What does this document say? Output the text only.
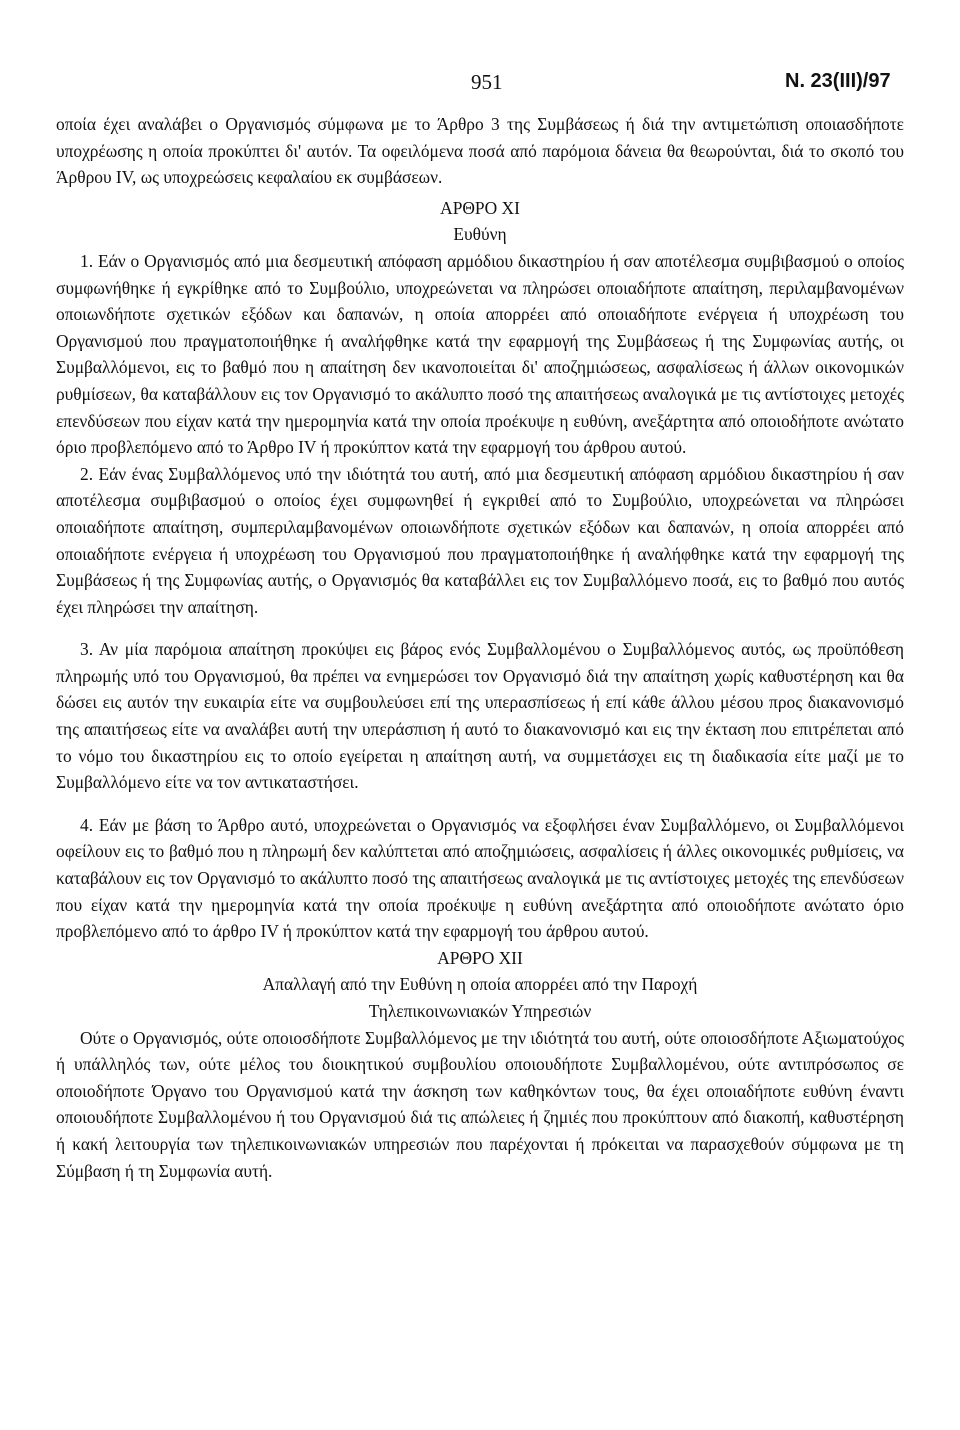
951	N. 23(III)/97

οποία έχει αναλάβει ο Οργανισμός σύμφωνα με το Άρθρο 3 της Συμβάσεως ή διά την αντιμετώπιση οποιασδήποτε υποχρέωσης η οποία προκύπτει δι' αυτόν. Τα οφειλόμενα ποσά από παρόμοια δάνεια θα θεωρούνται, διά το σκοπό του Άρθρου IV, ως υποχρεώσεις κεφαλαίου εκ συμβάσεων.

ΑΡΘΡΟ XI

Ευθύνη

1. Εάν ο Οργανισμός από μια δεσμευτική απόφαση αρμόδιου δικαστηρίου ή σαν αποτέλεσμα συμβιβασμού ο οποίος συμφωνήθηκε ή εγκρίθηκε από το Συμβούλιο, υποχρεώνεται να πληρώσει οποιαδήποτε απαίτηση, περιλαμβανομένων οποιωνδήποτε σχετικών εξόδων και δαπανών, η οποία απορρέει από οποιαδήποτε ενέργεια ή υποχρέωση του Οργανισμού που πραγματοποιήθηκε ή αναλήφθηκε κατά την εφαρμογή της Συμβάσεως ή της Συμφωνίας αυτής, οι Συμβαλλόμενοι, εις το βαθμό που η απαίτηση δεν ικανοποιείται δι' αποζημιώσεως, ασφαλίσεως ή άλλων οικονομικών ρυθμίσεων, θα καταβάλλουν εις τον Οργανισμό το ακάλυπτο ποσό της απαιτήσεως αναλογικά με τις αντίστοιχες μετοχές επενδύσεων που είχαν κατά την ημερομηνία κατά την οποία προέκυψε η ευθύνη, ανεξάρτητα από οποιοδήποτε ανώτατο όριο προβλεπόμενο από το Άρθρο IV ή προκύπτον κατά την εφαρμογή του άρθρου αυτού.

2. Εάν ένας Συμβαλλόμενος υπό την ιδιότητά του αυτή, από μια δεσμευτική απόφαση αρμόδιου δικαστηρίου ή σαν αποτέλεσμα συμβιβασμού ο οποίος έχει συμφωνηθεί ή εγκριθεί από το Συμβούλιο, υποχρεώνεται να πληρώσει οποιαδήποτε απαίτηση, συμπεριλαμβανομένων οποιωνδήποτε σχετικών εξόδων και δαπανών, η οποία απορρέει από οποιαδήποτε ενέργεια ή υποχρέωση του Οργανισμού που πραγματοποιήθηκε ή αναλήφθηκε κατά την εφαρμογή της Συμβάσεως ή της Συμφωνίας αυτής, ο Οργανισμός θα καταβάλλει εις τον Συμβαλλόμενο ποσά, εις το βαθμό που αυτός έχει πληρώσει την απαίτηση.

3. Αν μία παρόμοια απαίτηση προκύψει εις βάρος ενός Συμβαλλομένου ο Συμβαλλόμενος αυτός, ως προϋπόθεση πληρωμής υπό του Οργανισμού, θα πρέπει να ενημερώσει τον Οργανισμό διά την απαίτηση χωρίς καθυστέρηση και θα δώσει εις αυτόν την ευκαιρία είτε να συμβουλεύσει επί της υπερασπίσεως ή επί κάθε άλλου μέσου προς διακανονισμό της απαιτήσεως είτε να αναλάβει αυτή την υπεράσπιση ή αυτό το διακανονισμό και εις την έκταση που επιτρέπεται από το νόμο του δικαστηρίου εις το οποίο εγείρεται η απαίτηση αυτή, να συμμετάσχει εις τη διαδικασία είτε μαζί με το Συμβαλλόμενο είτε να τον αντικαταστήσει.

4. Εάν με βάση το Άρθρο αυτό, υποχρεώνεται ο Οργανισμός να εξοφλήσει έναν Συμβαλλόμενο, οι Συμβαλλόμενοι οφείλουν εις το βαθμό που η πληρωμή δεν καλύπτεται από αποζημιώσεις, ασφαλίσεις ή άλλες οικονομικές ρυθμίσεις, να καταβάλουν εις τον Οργανισμό το ακάλυπτο ποσό της απαιτήσεως αναλογικά με τις αντίστοιχες μετοχές της επενδύσεων που είχαν κατά την ημερομηνία κατά την οποία προέκυψε η ευθύνη ανεξάρτητα από οποιοδήποτε ανώτατο όριο προβλεπόμενο από το άρθρο IV ή προκύπτον κατά την εφαρμογή του άρθρου αυτού.

ΑΡΘΡΟ XII

Απαλλαγή από την Ευθύνη η οποία απορρέει από την Παροχή

Τηλεπικοινωνιακών Υπηρεσιών

Ούτε ο Οργανισμός, ούτε οποιοσδήποτε Συμβαλλόμενος με την ιδιότητά του αυτή, ούτε οποιοσδήποτε Αξιωματούχος ή υπάλληλός των, ούτε μέλος του διοικητικού συμβουλίου οποιουδήποτε Συμβαλλομένου, ούτε αντιπρόσωπος σε οποιοδήποτε Όργανο του Οργανισμού κατά την άσκηση των καθηκόντων τους, θα έχει οποιαδήποτε ευθύνη έναντι οποιουδήποτε Συμβαλλομένου ή του Οργανισμού διά τις απώλειες ή ζημιές που προκύπτουν από διακοπή, καθυστέρηση ή κακή λειτουργία των τηλεπικοινωνιακών υπηρεσιών που παρέχονται ή πρόκειται να παρασχεθούν σύμφωνα με τη Σύμβαση ή τη Συμφωνία αυτή.
